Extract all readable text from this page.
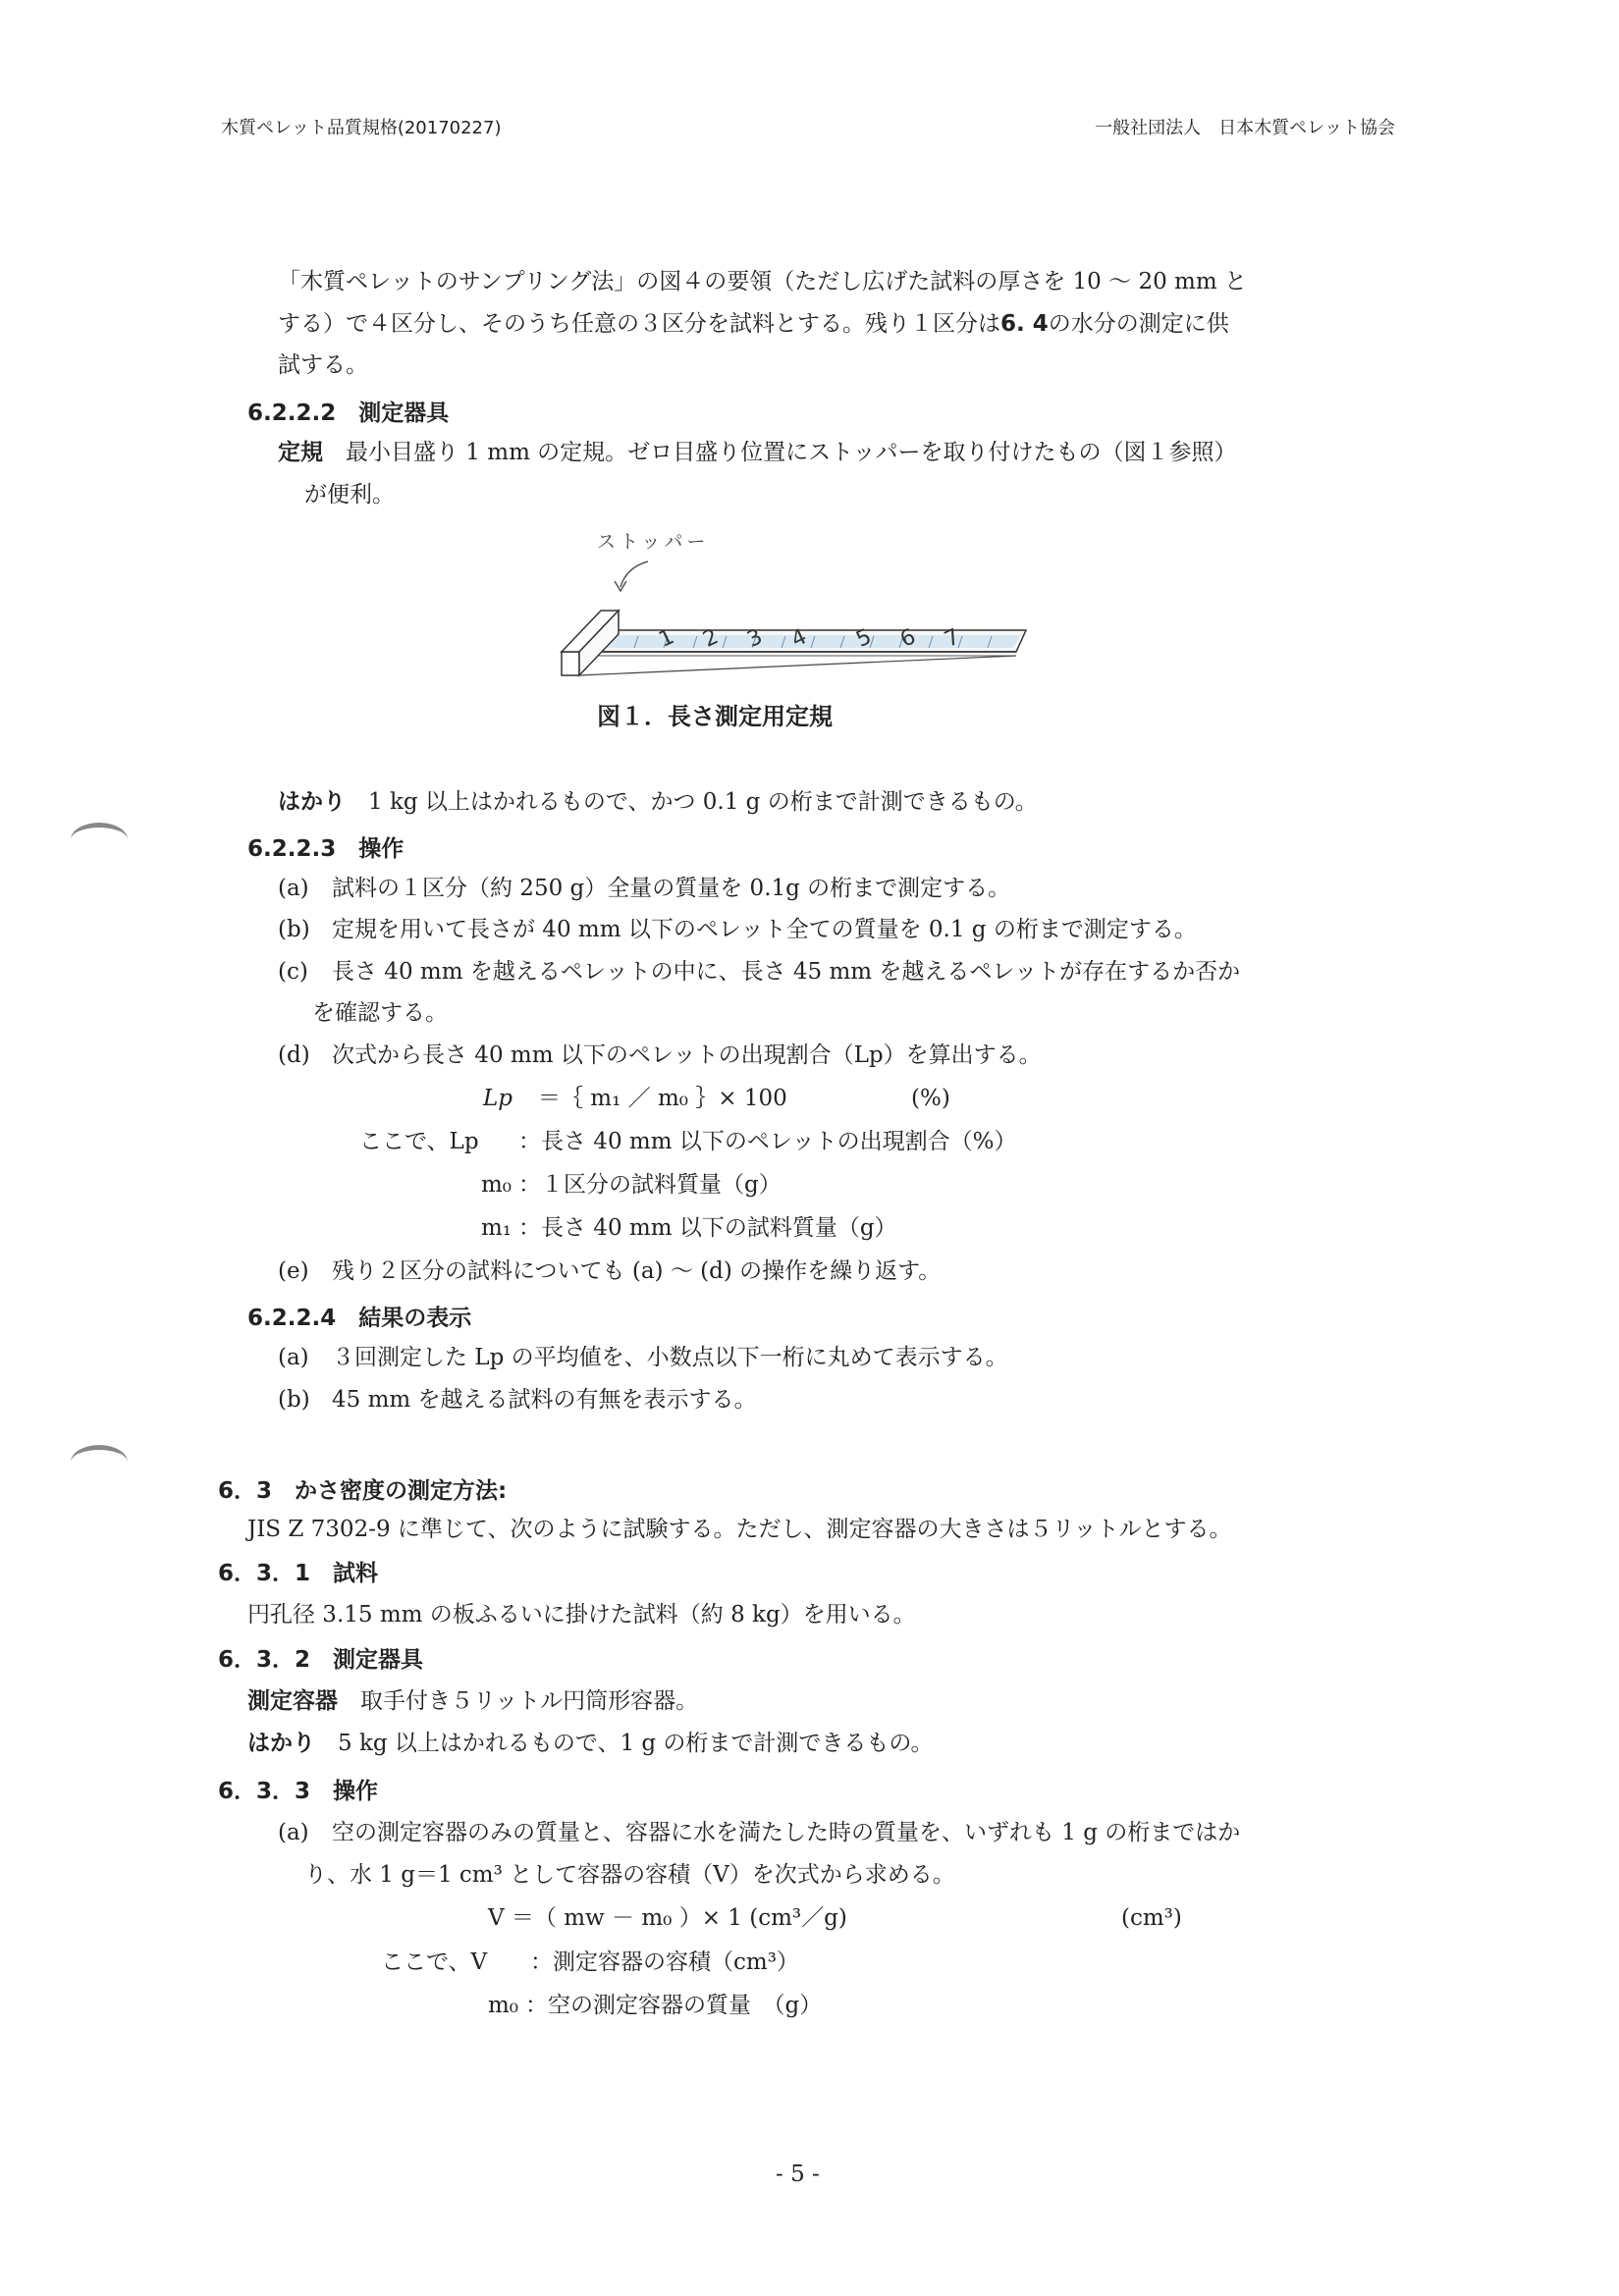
木質ペレット品質規格(20170227)	一般社団法人　日本木質ペレット協会
「木質ペレットのサンプリング法」の図４の要領（ただし広げた試料の厚さを 10 ～ 20 mm と
する）で４区分し、そのうち任意の３区分を試料とする。残り１区分は6. 4の水分の測定に供
試する。
6.2.2.2　測定器具
定規　 最小目盛り 1 mm の定規。ゼロ目盛り位置にストッパーを取り付けたもの（図１参照）
が便利。
ストッパー
1 2 3 4 5 6 7
図１．長さ測定用定規
はかり　 1 kg 以上はかれるもので、かつ 0.1 g の桁まで計測できるもの。
6.2.2.3　操作
(a) 試料の１区分（約 250 g）全量の質量を 0.1g の桁まで測定する。
(b) 定規を用いて長さが 40 mm 以下のペレット全ての質量を 0.1 g の桁まで測定する。
(c) 長さ 40 mm を越えるペレットの中に、長さ 45 mm を越えるペレットが存在するか否か
を確認する。
(d) 次式から長さ 40 mm 以下のペレットの出現割合（Lp）を算出する。
Lp ＝｛ m₁ ／ m₀ ｝× 100	(%)
ここで、Lp ：長さ 40 mm 以下のペレットの出現割合（%）
m₀ ：１区分の試料質量（g）
m₁ ：長さ 40 mm 以下の試料質量（g）
(e) 残り２区分の試料についても (a) ～ (d) の操作を繰り返す。
6.2.2.4　結果の表示
(a) ３回測定した Lp の平均値を、小数点以下一桁に丸めて表示する。
(b) 45 mm を越える試料の有無を表示する。
6．3　かさ密度の測定方法:
JIS Z 7302-9 に準じて、次のように試験する。ただし、測定容器の大きさは５リットルとする。
6．3．1　試料
円孔径 3.15 mm の板ふるいに掛けた試料（約 8 kg）を用いる。
6．3．2　測定器具
測定容器　 取手付き５リットル円筒形容器。
はかり　 5 kg 以上はかれるもので、1 g の桁まで計測できるもの。
6．3．3　操作
(a) 空の測定容器のみの質量と、容器に水を満たした時の質量を、いずれも 1 g の桁まではか
り、水 1 g＝1 cm³ として容器の容積（V）を次式から求める。
V ＝（ mw － m₀ ）× 1 (cm³／g)	(cm³)
ここで、V ：測定容器の容積（cm³）
m₀ ：空の測定容器の質量　（g）
- 5 -
